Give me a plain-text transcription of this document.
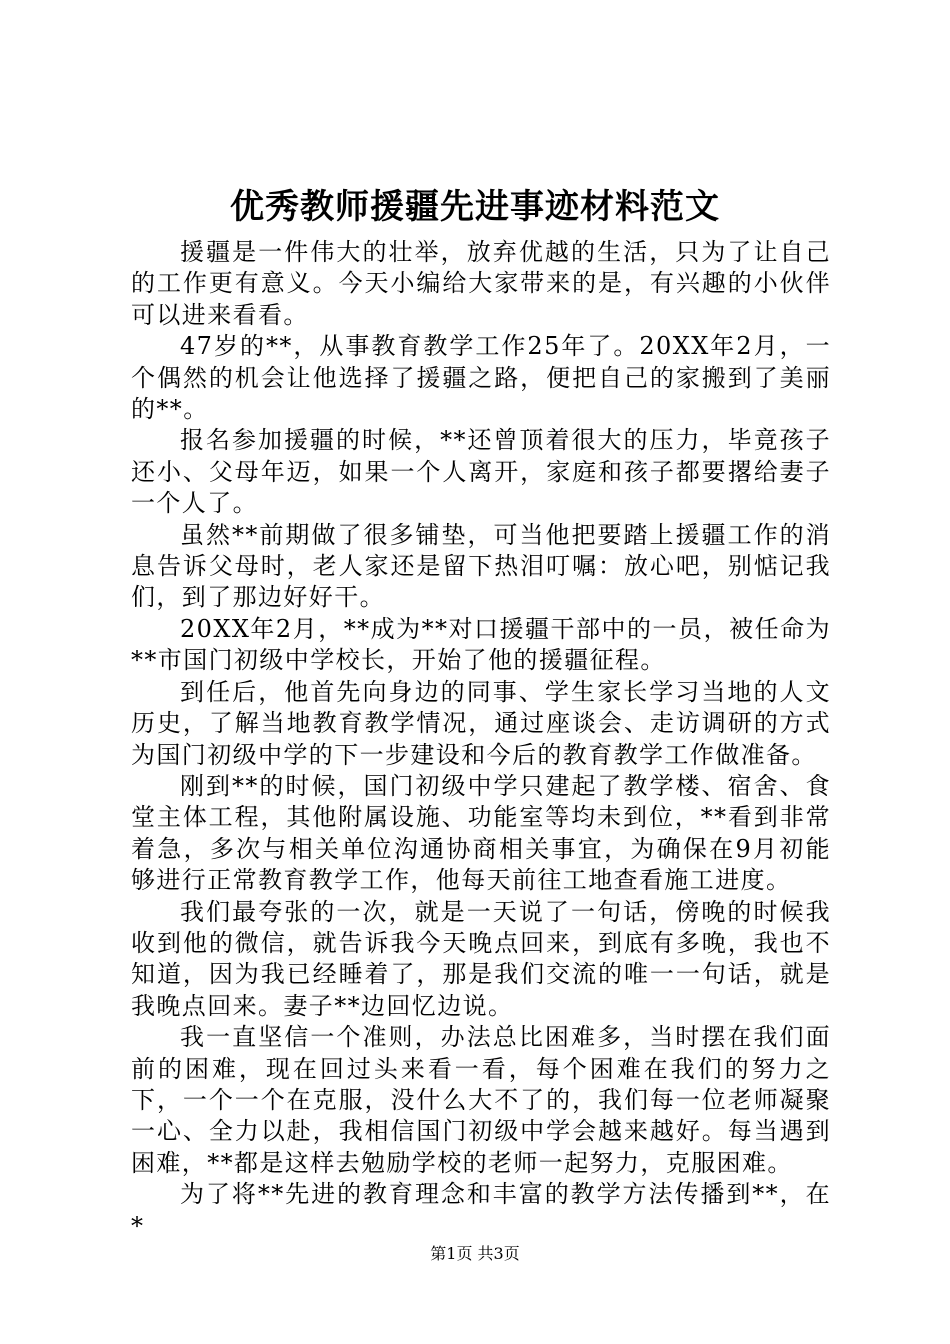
优秀教师援疆先进事迹材料范文

援疆是一件伟大的壮举，放弃优越的生活，只为了让自己的工作更有意义。今天小编给大家带来的是，有兴趣的小伙伴可以进来看看。

47岁的**，从事教育教学工作25年了。20XX年2月，一个偶然的机会让他选择了援疆之路，便把自己的家搬到了美丽的**。

报名参加援疆的时候，**还曾顶着很大的压力，毕竟孩子还小、父母年迈，如果一个人离开，家庭和孩子都要撂给妻子一个人了。

虽然**前期做了很多铺垫，可当他把要踏上援疆工作的消息告诉父母时，老人家还是留下热泪叮嘱：放心吧，别惦记我们，到了那边好好干。

20XX年2月，**成为**对口援疆干部中的一员，被任命为**市国门初级中学校长，开始了他的援疆征程。

到任后，他首先向身边的同事、学生家长学习当地的人文历史，了解当地教育教学情况，通过座谈会、走访调研的方式为国门初级中学的下一步建设和今后的教育教学工作做准备。

刚到**的时候，国门初级中学只建起了教学楼、宿舍、食堂主体工程，其他附属设施、功能室等均未到位，**看到非常着急，多次与相关单位沟通协商相关事宜，为确保在9月初能够进行正常教育教学工作，他每天前往工地查看施工进度。

我们最夸张的一次，就是一天说了一句话，傍晚的时候我收到他的微信，就告诉我今天晚点回来，到底有多晚，我也不知道，因为我已经睡着了，那是我们交流的唯一一句话，就是我晚点回来。妻子**边回忆边说。

我一直坚信一个准则，办法总比困难多，当时摆在我们面前的困难，现在回过头来看一看，每个困难在我们的努力之下，一个一个在克服，没什么大不了的，我们每一位老师凝聚一心、全力以赴，我相信国门初级中学会越来越好。每当遇到困难，**都是这样去勉励学校的老师一起努力，克服困难。

为了将**先进的教育理念和丰富的教学方法传播到**，在*

第1页 共3页
